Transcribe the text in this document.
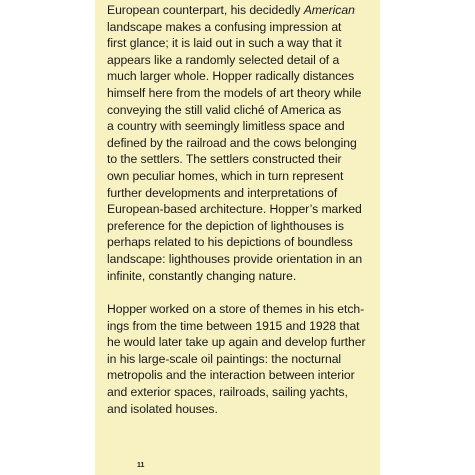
European counterpart, his decidedly American
landscape makes a confusing impression at
first glance; it is laid out in such a way that it
appears like a randomly selected detail of a
much larger whole. Hopper radically distances
himself here from the models of art theory while
conveying the still valid cliché of America as
a country with seemingly limitless space and
defined by the railroad and the cows belonging
to the settlers. The settlers constructed their
own peculiar homes, which in turn represent
further developments and interpretations of
European-based architecture. Hopper’s marked
preference for the depiction of lighthouses is
perhaps related to his depictions of boundless
landscape: lighthouses provide orientation in an
infinite, constantly changing nature.
Hopper worked on a store of themes in his etch-
ings from the time between 1915 and 1928 that
he would later take up again and develop further
in his large-scale oil paintings: the nocturnal
metropolis and the interaction between interior
and exterior spaces, railroads, sailing yachts,
and isolated houses.
11
